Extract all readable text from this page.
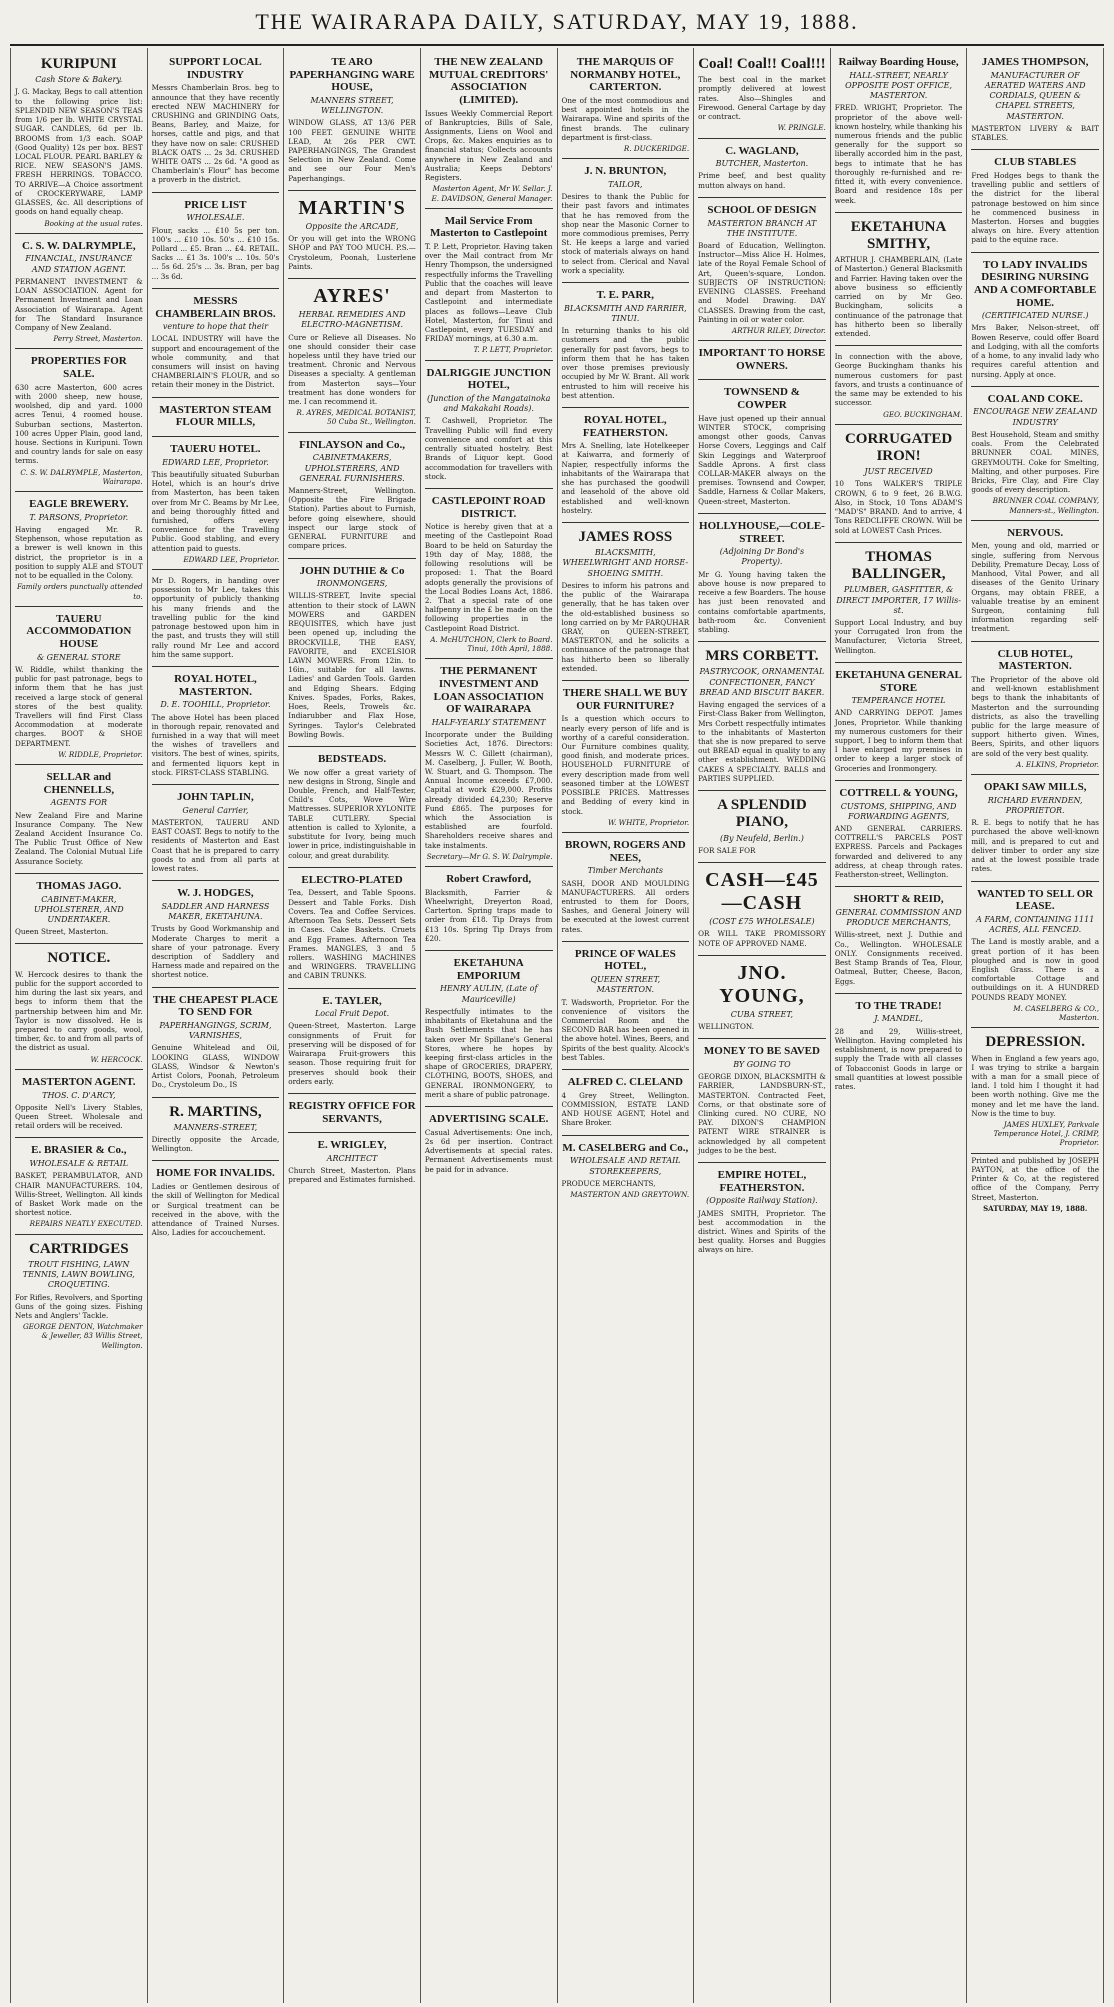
THE WAIRARAPA DAILY, SATURDAY, MAY 19, 1888.
KURIPUNI
Cash Store & Bakery.
J. G. Mackay, Begs to call attention to the following price list: SPLENDID NEW SEASON'S TEAS from 1/6 per lb. WHITE CRYSTAL SUGAR. CANDLES, 6d per lb. BROOMS from 1/3 each. SOAP (Good Quality) 12s per box. BEST LOCAL FLOUR. PEARL BARLEY & RICE. NEW SEASON'S JAMS. FRESH HERRINGS. TOBACCO. TO ARRIVE—A Choice assortment of CROCKERYWARE, LAMP GLASSES, &c. All descriptions of goods on hand equally cheap.
Booking at the usual rates.
C. S. W. DALRYMPLE,
FINANCIAL, INSURANCE AND STATION AGENT.
PERMANENT INVESTMENT & LOAN ASSOCIATION. Agent for Permanent Investment and Loan Association of Wairarapa. Agent for The Standard Insurance Company of New Zealand.
Perry Street, Masterton.
PROPERTIES FOR SALE.
630 acre Masterton, 600 acres with 2000 sheep, new house, woolshed, dip and yard. 1000 acres Tenui, 4 roomed house. Suburban sections, Masterton. 100 acres Upper Plain, good land, house. Sections in Kuripuni. Town and country lands for sale on easy terms.
C. S. W. DALRYMPLE, Masterton, Wairarapa.
EAGLE BREWERY.
T. PARSONS, Proprietor.
Having engaged Mr. R. Stephenson, whose reputation as a brewer is well known in this district, the proprietor is in a position to supply ALE and STOUT not to be equalled in the Colony.
Family orders punctually attended to.
TAUERU ACCOMMODATION HOUSE
& GENERAL STORE
W. Riddle, whilst thanking the public for past patronage, begs to inform them that he has just received a large stock of general stores of the best quality. Travellers will find First Class Accommodation at moderate charges. BOOT & SHOE DEPARTMENT.
W. RIDDLE, Proprietor.
SELLAR and CHENNELLS,
AGENTS FOR
New Zealand Fire and Marine Insurance Company. The New Zealand Accident Insurance Co. The Public Trust Office of New Zealand. The Colonial Mutual Life Assurance Society.
THOMAS JAGO.
CABINET-MAKER, UPHOLSTERER, AND UNDERTAKER.
Queen Street, Masterton.
NOTICE.
W. Hercock desires to thank the public for the support accorded to him during the last six years, and begs to inform them that the partnership between him and Mr. Taylor is now dissolved. He is prepared to carry goods, wool, timber, &c. to and from all parts of the district as usual.
W. HERCOCK.
MASTERTON AGENT.
THOS. C. D'ARCY,
Opposite Nell's Livery Stables, Queen Street. Wholesale and retail orders will be received.
E. BRASIER & Co.,
WHOLESALE & RETAIL
BASKET, PERAMBULATOR, AND CHAIR MANUFACTURERS. 104, Willis-Street, Wellington. All kinds of Basket Work made on the shortest notice.
REPAIRS NEATLY EXECUTED.
CARTRIDGES
TROUT FISHING, LAWN TENNIS, LAWN BOWLING, CROQUETING.
For Rifles, Revolvers, and Sporting Guns of the going sizes. Fishing Nets and Anglers' Tackle.
GEORGE DENTON, Watchmaker & Jeweller, 83 Willis Street, Wellington.
SUPPORT LOCAL INDUSTRY
Messrs Chamberlain Bros. beg to announce that they have recently erected NEW MACHINERY for CRUSHING and GRINDING Oats, Beans, Barley, and Maize, for horses, cattle and pigs, and that they have now on sale: CRUSHED BLACK OATS ... 2s 3d. CRUSHED WHITE OATS ... 2s 6d. "A good as Chamberlain's Flour" has become a proverb in the district.
PRICE LIST
WHOLESALE.
Flour, sacks ... £10 5s per ton. 100's ... £10 10s. 50's ... £10 15s. Pollard ... £5. Bran ... £4. RETAIL. Sacks ... £1 3s. 100's ... 10s. 50's ... 5s 6d. 25's ... 3s. Bran, per bag ... 3s 6d.
MESSRS CHAMBERLAIN BROS.
venture to hope that their
LOCAL INDUSTRY will have the support and encouragement of the whole community, and that consumers will insist on having CHAMBERLAIN'S FLOUR, and so retain their money in the District.
MASTERTON STEAM FLOUR MILLS,
TAUERU HOTEL.
EDWARD LEE, Proprietor.
This beautifully situated Suburban Hotel, which is an hour's drive from Masterton, has been taken over from Mr C. Beams by Mr Lee, and being thoroughly fitted and furnished, offers every convenience for the Travelling Public. Good stabling, and every attention paid to guests.
EDWARD LEE, Proprietor.
Mr D. Rogers, in handing over possession to Mr Lee, takes this opportunity of publicly thanking his many friends and the travelling public for the kind patronage bestowed upon him in the past, and trusts they will still rally round Mr Lee and accord him the same support.
ROYAL HOTEL, MASTERTON.
D. E. TOOHILL, Proprietor.
The above Hotel has been placed in thorough repair, renovated and furnished in a way that will meet the wishes of travellers and visitors. The best of wines, spirits, and fermented liquors kept in stock. FIRST-CLASS STABLING.
JOHN TAPLIN,
General Carrier,
MASTERTON, TAUERU AND EAST COAST. Begs to notify to the residents of Masterton and East Coast that he is prepared to carry goods to and from all parts at lowest rates.
W. J. HODGES,
SADDLER AND HARNESS MAKER, EKETAHUNA.
Trusts by Good Workmanship and Moderate Charges to merit a share of your patronage. Every description of Saddlery and Harness made and repaired on the shortest notice.
THE CHEAPEST PLACE TO SEND FOR
PAPERHANGINGS, SCRIM, VARNISHES,
Genuine Whitelead and Oil, LOOKING GLASS, WINDOW GLASS, Windsor & Newton's Artist Colors, Poonah, Petroleum Do., Crystoleum Do., IS
R. MARTINS,
MANNERS-STREET,
Directly opposite the Arcade, Wellington.
HOME FOR INVALIDS.
Ladies or Gentlemen desirous of the skill of Wellington for Medical or Surgical treatment can be received in the above, with the attendance of Trained Nurses. Also, Ladies for accouchement.
TE ARO PAPERHANGING WARE HOUSE,
MANNERS STREET, WELLINGTON.
WINDOW GLASS, AT 13/6 PER 100 FEET. GENUINE WHITE LEAD, At 26s PER CWT. PAPERHANGINGS, The Grandest Selection in New Zealand. Come and see our Four Men's Paperhangings.
MARTIN'S
Opposite the ARCADE,
Or you will get into the WRONG SHOP and PAY TOO MUCH. P.S.—Crystoleum, Poonah, Lusterlene Paints.
AYRES'
HERBAL REMEDIES AND ELECTRO-MAGNETISM.
Cure or Relieve all Diseases. No one should consider their case hopeless until they have tried our treatment. Chronic and Nervous Diseases a specialty. A gentleman from Masterton says—Your treatment has done wonders for me. I can recommend it.
R. AYRES, MEDICAL BOTANIST, 50 Cuba St., Wellington.
FINLAYSON and Co.,
CABINETMAKERS, UPHOLSTERERS, AND GENERAL FURNISHERS.
Manners-Street, Wellington. (Opposite the Fire Brigade Station). Parties about to Furnish, before going elsewhere, should inspect our large stock of GENERAL FURNITURE and compare prices.
JOHN DUTHIE & Co
IRONMONGERS,
WILLIS-STREET, Invite special attention to their stock of LAWN MOWERS and GARDEN REQUISITES, which have just been opened up, including the BROCKVILLE, THE EASY, FAVORITE, and EXCELSIOR LAWN MOWERS. From 12in. to 16in., suitable for all lawns. Ladies' and Garden Tools. Garden and Edging Shears. Edging Knives. Spades, Forks, Rakes, Hoes, Reels, Trowels &c. Indiarubber and Flax Hose, Syringes. Taylor's Celebrated Bowling Bowls.
BEDSTEADS.
We now offer a great variety of new designs in Strong, Single and Double, French, and Half-Tester, Child's Cots, Wove Wire Mattresses. SUPERIOR XYLONITE TABLE CUTLERY. Special attention is called to Xylonite, a substitute for Ivory, being much lower in price, indistinguishable in colour, and great durability.
ELECTRO-PLATED
Tea, Dessert, and Table Spoons. Dessert and Table Forks. Dish Covers. Tea and Coffee Services. Afternoon Tea Sets. Dessert Sets in Cases. Cake Baskets. Cruets and Egg Frames. Afternoon Tea Frames. MANGLES, 3 and 5 rollers. WASHING MACHINES and WRINGERS. TRAVELLING and CABIN TRUNKS.
E. TAYLER,
Local Fruit Depot.
Queen-Street, Masterton. Large consignments of Fruit for preserving will be disposed of for Wairarapa Fruit-growers this season. Those requiring fruit for preserves should book their orders early.
REGISTRY OFFICE FOR SERVANTS,
E. WRIGLEY,
ARCHITECT
Church Street, Masterton. Plans prepared and Estimates furnished.
THE NEW ZEALAND MUTUAL CREDITORS' ASSOCIATION (LIMITED).
Issues Weekly Commercial Report of Bankruptcies, Bills of Sale, Assignments, Liens on Wool and Crops, &c. Makes enquiries as to financial status; Collects accounts anywhere in New Zealand and Australia; Keeps Debtors' Registers.
Masterton Agent, Mr W. Sellar. J. E. DAVIDSON, General Manager.
Mail Service From Masterton to Castlepoint
T. P. Lett, Proprietor. Having taken over the Mail contract from Mr Henry Thompson, the undersigned respectfully informs the Travelling Public that the coaches will leave and depart from Masterton to Castlepoint and intermediate places as follows—Leave Club Hotel, Masterton, for Tinui and Castlepoint, every TUESDAY and FRIDAY mornings, at 6.30 a.m.
T. P. LETT, Proprietor.
DALRIGGIE JUNCTION HOTEL,
(Junction of the Mangatainoka and Makakahi Roads).
T. Cashwell, Proprietor. The Travelling Public will find every convenience and comfort at this centrally situated hostelry. Best Brands of Liquor kept. Good accommodation for travellers with stock.
CASTLEPOINT ROAD DISTRICT.
Notice is hereby given that at a meeting of the Castlepoint Road Board to be held on Saturday the 19th day of May, 1888, the following resolutions will be proposed: 1. That the Board adopts generally the provisions of the Local Bodies Loans Act, 1886. 2. That a special rate of one halfpenny in the £ be made on the following properties in the Castlepoint Road District.
A. McHUTCHON, Clerk to Board. Tinui, 10th April, 1888.
THE PERMANENT INVESTMENT AND LOAN ASSOCIATION OF WAIRARAPA
HALF-YEARLY STATEMENT
Incorporate under the Building Societies Act, 1876. Directors: Messrs W. C. Gillett (chairman), M. Caselberg, J. Fuller, W. Booth, W. Stuart, and G. Thompson. The Annual Income exceeds £7,000. Capital at work £29,000. Profits already divided £4,230; Reserve Fund £865. The purposes for which the Association is established are fourfold. Shareholders receive shares and take instalments.
Secretary—Mr G. S. W. Dalrymple.
Robert Crawford,
Blacksmith, Farrier & Wheelwright, Dreyerton Road, Carterton. Spring traps made to order from £18. Tip Drays from £13 10s. Spring Tip Drays from £20.
EKETAHUNA EMPORIUM
HENRY AULIN, (Late of Mauriceville)
Respectfully intimates to the inhabitants of Eketahuna and the Bush Settlements that he has taken over Mr Spillane's General Stores, where he hopes by keeping first-class articles in the shape of GROCERIES, DRAPERY, CLOTHING, BOOTS, SHOES, and GENERAL IRONMONGERY, to merit a share of public patronage.
ADVERTISING SCALE.
Casual Advertisements: One inch, 2s 6d per insertion. Contract Advertisements at special rates. Permanent Advertisements must be paid for in advance.
THE MARQUIS OF NORMANBY HOTEL, CARTERTON.
One of the most commodious and best appointed hotels in the Wairarapa. Wine and spirits of the finest brands. The culinary department is first-class.
R. DUCKERIDGE.
J. N. BRUNTON,
TAILOR,
Desires to thank the Public for their past favors and intimates that he has removed from the shop near the Masonic Corner to more commodious premises, Perry St. He keeps a large and varied stock of materials always on hand to select from. Clerical and Naval work a speciality.
T. E. PARR,
BLACKSMITH AND FARRIER, TINUI.
In returning thanks to his old customers and the public generally for past favors, begs to inform them that he has taken over those premises previously occupied by Mr W. Brant. All work entrusted to him will receive his best attention.
ROYAL HOTEL, FEATHERSTON.
Mrs A. Snelling, late Hotelkeeper at Kaiwarra, and formerly of Napier, respectfully informs the inhabitants of the Wairarapa that she has purchased the goodwill and leasehold of the above old established and well-known hostelry.
JAMES ROSS
BLACKSMITH, WHEELWRIGHT AND HORSE-SHOEING SMITH.
Desires to inform his patrons and the public of the Wairarapa generally, that he has taken over the old-established business so long carried on by Mr FARQUHAR GRAY, on QUEEN-STREET, MASTERTON, and he solicits a continuance of the patronage that has hitherto been so liberally extended.
THERE SHALL WE BUY OUR FURNITURE?
Is a question which occurs to nearly every person of life and is worthy of a careful consideration. Our Furniture combines quality, good finish, and moderate prices. HOUSEHOLD FURNITURE of every description made from well seasoned timber at the LOWEST POSSIBLE PRICES. Mattresses and Bedding of every kind in stock.
W. WHITE, Proprietor.
BROWN, ROGERS AND NEES,
Timber Merchants
SASH, DOOR AND MOULDING MANUFACTURERS. All orders entrusted to them for Doors, Sashes, and General Joinery will be executed at the lowest current rates.
PRINCE OF WALES HOTEL,
QUEEN STREET, MASTERTON.
T. Wadsworth, Proprietor. For the convenience of visitors the Commercial Room and the SECOND BAR has been opened in the above hotel. Wines, Beers, and Spirits of the best quality. Alcock's best Tables.
ALFRED C. CLELAND
4 Grey Street, Wellington. COMMISSION, ESTATE LAND AND HOUSE AGENT, Hotel and Share Broker.
M. CASELBERG and Co.,
WHOLESALE AND RETAIL STOREKEEPERS,
PRODUCE MERCHANTS,
MASTERTON AND GREYTOWN.
Coal! Coal!! Coal!!!
The best coal in the market promptly delivered at lowest rates. Also—Shingles and Firewood. General Cartage by day or contract.
W. PRINGLE.
C. WAGLAND,
BUTCHER, Masterton.
Prime beef, and best quality mutton always on hand.
SCHOOL OF DESIGN
MASTERTON BRANCH AT THE INSTITUTE.
Board of Education, Wellington. Instructor—Miss Alice H. Holmes, late of the Royal Female School of Art, Queen's-square, London. SUBJECTS OF INSTRUCTION: EVENING CLASSES. Freehand and Model Drawing. DAY CLASSES. Drawing from the cast, Painting in oil or water color.
ARTHUR RILEY, Director.
IMPORTANT TO HORSE OWNERS.
TOWNSEND & COWPER
Have just opened up their annual WINTER STOCK, comprising amongst other goods, Canvas Horse Covers, Leggings and Calf Skin Leggings and Waterproof Saddle Aprons. A first class COLLAR-MAKER always on the premises. Townsend and Cowper, Saddle, Harness & Collar Makers, Queen-street, Masterton.
HOLLYHOUSE,—COLE-STREET.
(Adjoining Dr Bond's Property).
Mr G. Young having taken the above house is now prepared to receive a few Boarders. The house has just been renovated and contains comfortable apartments, bath-room &c. Convenient stabling.
MRS CORBETT.
PASTRYCOOK, ORNAMENTAL CONFECTIONER, FANCY BREAD AND BISCUIT BAKER.
Having engaged the services of a First-Class Baker from Wellington, Mrs Corbett respectfully intimates to the inhabitants of Masterton that she is now prepared to serve out BREAD equal in quality to any other establishment. WEDDING CAKES A SPECIALTY. BALLS and PARTIES SUPPLIED.
A SPLENDID PIANO,
(By Neufeld, Berlin.)
FOR SALE FOR
CASH—£45—CASH
(COST £75 WHOLESALE)
OR WILL TAKE PROMISSORY NOTE OF APPROVED NAME.
JNO. YOUNG,
CUBA STREET,
WELLINGTON.
MONEY TO BE SAVED
BY GOING TO
GEORGE DIXON, BLACKSMITH & FARRIER, LANDSBURN-ST., MASTERTON. Contracted Feet, Corns, or that obstinate sore of Clinking cured. NO CURE, NO PAY. DIXON'S CHAMPION PATENT WIRE STRAINER is acknowledged by all competent judges to be the best.
EMPIRE HOTEL, FEATHERSTON.
(Opposite Railway Station).
JAMES SMITH, Proprietor. The best accommodation in the district. Wines and Spirits of the best quality. Horses and Buggies always on hire.
Railway Boarding House,
HALL-STREET, NEARLY OPPOSITE POST OFFICE, MASTERTON.
FRED. WRIGHT, Proprietor. The proprietor of the above well-known hostelry, while thanking his numerous friends and the public generally for the support so liberally accorded him in the past, begs to intimate that he has thoroughly re-furnished and re-fitted it, with every convenience. Board and residence 18s per week.
EKETAHUNA SMITHY,
ARTHUR J. CHAMBERLAIN, (Late of Masterton.) General Blacksmith and Farrier. Having taken over the above business so efficiently carried on by Mr Geo. Buckingham, solicits a continuance of the patronage that has hitherto been so liberally extended.
In connection with the above, George Buckingham thanks his numerous customers for past favors, and trusts a continuance of the same may be extended to his successor.
GEO. BUCKINGHAM.
CORRUGATED IRON!
JUST RECEIVED
10 Tons WALKER'S TRIPLE CROWN, 6 to 9 feet, 26 B.W.G. Also, in Stock, 10 Tons ADAM'S "MAD'S" BRAND. And to arrive, 4 Tons REDCLIFFE CROWN. Will be sold at LOWEST Cash Prices.
THOMAS BALLINGER,
PLUMBER, GASFITTER, & DIRECT IMPORTER, 17 Willis-st.
Support Local Industry, and buy your Corrugated Iron from the Manufacturer, Victoria Street, Wellington.
EKETAHUNA GENERAL STORE
TEMPERANCE HOTEL
AND CARRYING DEPOT. James Jones, Proprietor. While thanking my numerous customers for their support, I beg to inform them that I have enlarged my premises in order to keep a larger stock of Groceries and Ironmongery.
COTTRELL & YOUNG,
CUSTOMS, SHIPPING, AND FORWARDING AGENTS,
AND GENERAL CARRIERS. COTTRELL'S PARCELS POST EXPRESS. Parcels and Packages forwarded and delivered to any address, at cheap through rates. Featherston-street, Wellington.
SHORTT & REID,
GENERAL COMMISSION AND PRODUCE MERCHANTS,
Willis-street, next J. Duthie and Co., Wellington. WHOLESALE ONLY. Consignments received. Best Stamp Brands of Tea, Flour, Oatmeal, Butter, Cheese, Bacon, Eggs.
TO THE TRADE!
J. MANDEL,
28 and 29, Willis-street, Wellington. Having completed his establishment, is now prepared to supply the Trade with all classes of Tobacconist Goods in large or small quantities at lowest possible rates.
JAMES THOMPSON,
MANUFACTURER OF AERATED WATERS AND CORDIALS, QUEEN & CHAPEL STREETS, MASTERTON.
MASTERTON LIVERY & BAIT STABLES.
CLUB STABLES
Fred Hodges begs to thank the travelling public and settlers of the district for the liberal patronage bestowed on him since he commenced business in Masterton. Horses and buggies always on hire. Every attention paid to the equine race.
TO LADY INVALIDS DESIRING NURSING AND A COMFORTABLE HOME.
(CERTIFICATED NURSE.)
Mrs Baker, Nelson-street, off Bowen Reserve, could offer Board and Lodging, with all the comforts of a home, to any invalid lady who requires careful attention and nursing. Apply at once.
COAL AND COKE.
ENCOURAGE NEW ZEALAND INDUSTRY
Best Household, Steam and smithy coals. From the Celebrated BRUNNER COAL MINES, GREYMOUTH. Coke for Smelting, Malting, and other purposes. Fire Bricks, Fire Clay, and Fire Clay goods of every description.
BRUNNER COAL COMPANY, Manners-st., Wellington.
NERVOUS.
Men, young and old, married or single, suffering from Nervous Debility, Premature Decay, Loss of Manhood, Vital Power, and all diseases of the Genito Urinary Organs, may obtain FREE, a valuable treatise by an eminent Surgeon, containing full information regarding self-treatment.
CLUB HOTEL, MASTERTON.
The Proprietor of the above old and well-known establishment begs to thank the inhabitants of Masterton and the surrounding districts, as also the travelling public for the large measure of support hitherto given. Wines, Beers, Spirits, and other liquors are sold of the very best quality.
A. ELKINS, Proprietor.
OPAKI SAW MILLS,
RICHARD EVERNDEN, PROPRIETOR.
R. E. begs to notify that he has purchased the above well-known mill, and is prepared to cut and deliver timber to order any size and at the lowest possible trade rates.
WANTED TO SELL OR LEASE.
A FARM, CONTAINING 1111 ACRES, ALL FENCED.
The Land is mostly arable, and a great portion of it has been ploughed and is now in good English Grass. There is a comfortable Cottage and outbuildings on it. A HUNDRED POUNDS READY MONEY.
M. CASELBERG & CO., Masterton.
DEPRESSION.
When in England a few years ago, I was trying to strike a bargain with a man for a small piece of land. I told him I thought it had been worth nothing. Give me the money and let me have the land. Now is the time to buy.
JAMES HUXLEY, Parkvale Temperance Hotel, J. CRIMP, Proprietor.
Printed and published by JOSEPH PAYTON, at the office of the Printer & Co, at the registered office of the Company, Perry Street, Masterton.
SATURDAY, MAY 19, 1888.
